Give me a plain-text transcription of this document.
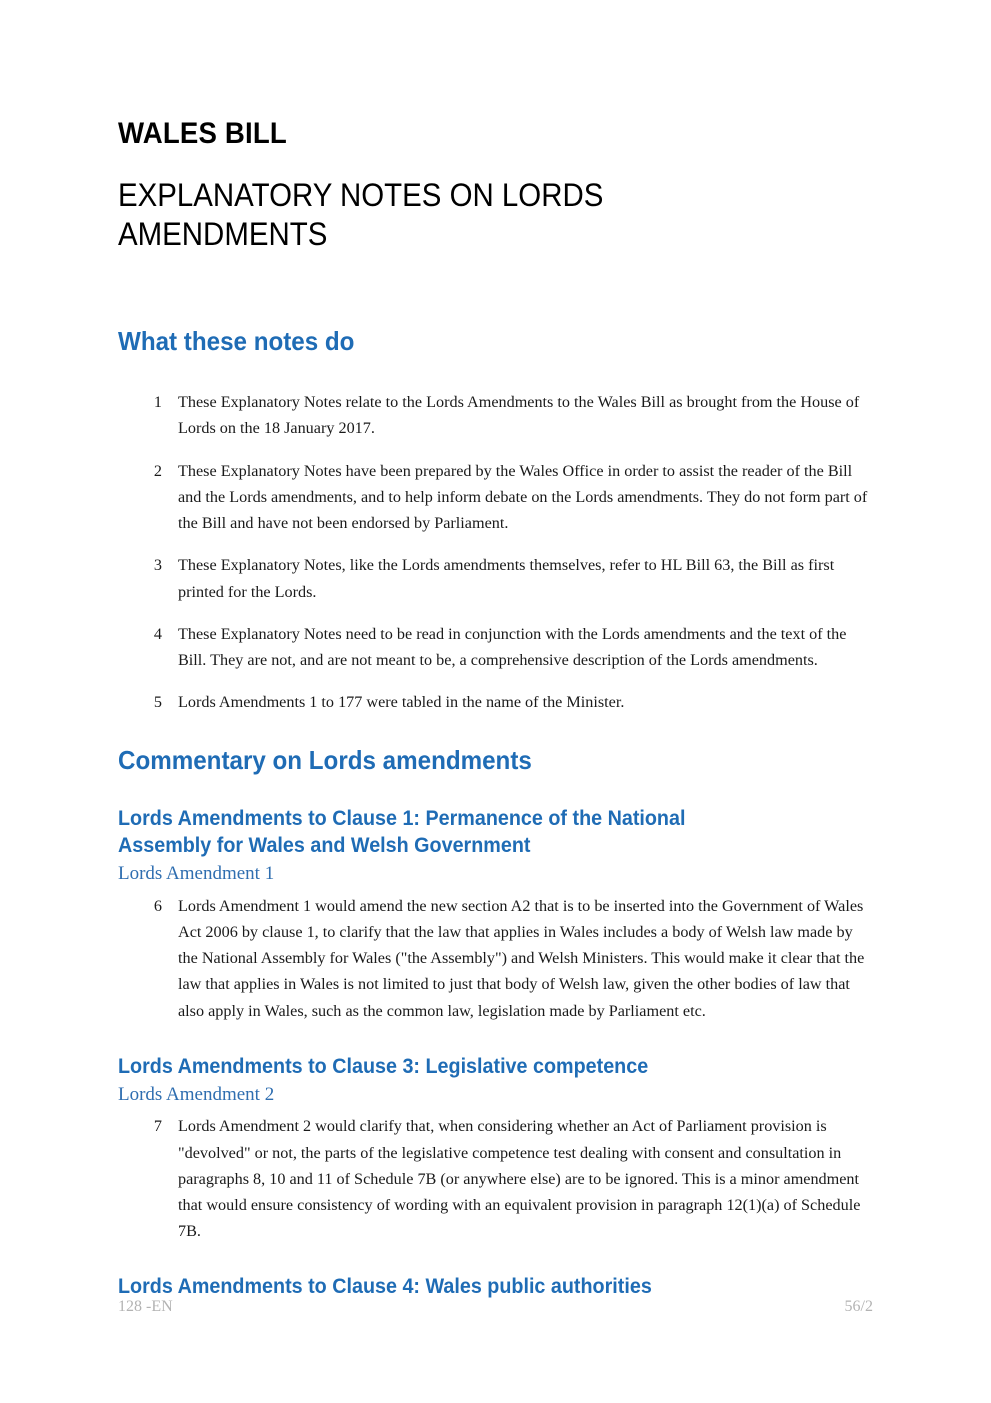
WALES BILL
EXPLANATORY NOTES ON LORDS AMENDMENTS
What these notes do
1 These Explanatory Notes relate to the Lords Amendments to the Wales Bill as brought from the House of Lords on the 18 January 2017.
2 These Explanatory Notes have been prepared by the Wales Office in order to assist the reader of the Bill and the Lords amendments, and to help inform debate on the Lords amendments. They do not form part of the Bill and have not been endorsed by Parliament.
3 These Explanatory Notes, like the Lords amendments themselves, refer to HL Bill 63, the Bill as first printed for the Lords.
4 These Explanatory Notes need to be read in conjunction with the Lords amendments and the text of the Bill. They are not, and are not meant to be, a comprehensive description of the Lords amendments.
5 Lords Amendments 1 to 177 were tabled in the name of the Minister.
Commentary on Lords amendments
Lords Amendments to Clause 1: Permanence of the National Assembly for Wales and Welsh Government
Lords Amendment 1
6 Lords Amendment 1 would amend the new section A2 that is to be inserted into the Government of Wales Act 2006 by clause 1, to clarify that the law that applies in Wales includes a body of Welsh law made by the National Assembly for Wales ("the Assembly") and Welsh Ministers. This would make it clear that the law that applies in Wales is not limited to just that body of Welsh law, given the other bodies of law that also apply in Wales, such as the common law, legislation made by Parliament etc.
Lords Amendments to Clause 3: Legislative competence
Lords Amendment 2
7 Lords Amendment 2 would clarify that, when considering whether an Act of Parliament provision is "devolved" or not, the parts of the legislative competence test dealing with consent and consultation in paragraphs 8, 10 and 11 of Schedule 7B (or anywhere else) are to be ignored. This is a minor amendment that would ensure consistency of wording with an equivalent provision in paragraph 12(1)(a) of Schedule 7B.
Lords Amendments to Clause 4: Wales public authorities
128 -EN	56/2
